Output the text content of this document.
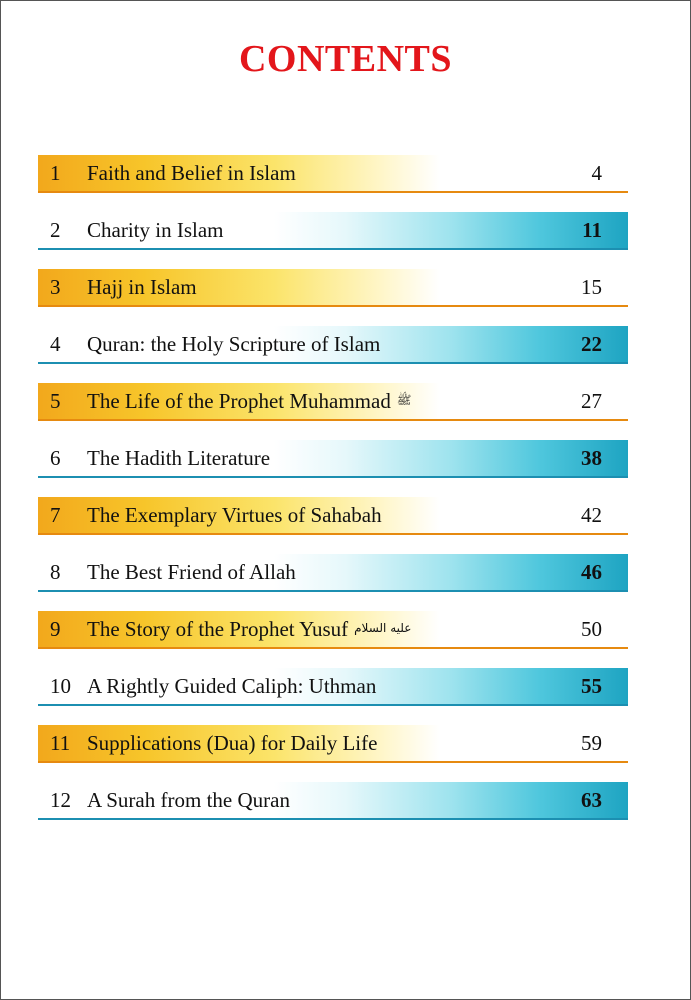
CONTENTS
1 Faith and Belief in Islam	4
2 Charity in Islam	11
3 Hajj in Islam	15
4 Quran: the Holy Scripture of Islam	22
5 The Life of the Prophet Muhammad ﷺ	27
6 The Hadith Literature	38
7 The Exemplary Virtues of Sahabah	42
8 The Best Friend of Allah	46
9 The Story of the Prophet Yusuf عليه السلام	50
10 A Rightly Guided Caliph: Uthman	55
11 Supplications (Dua) for Daily Life	59
12 A Surah from the Quran	63
